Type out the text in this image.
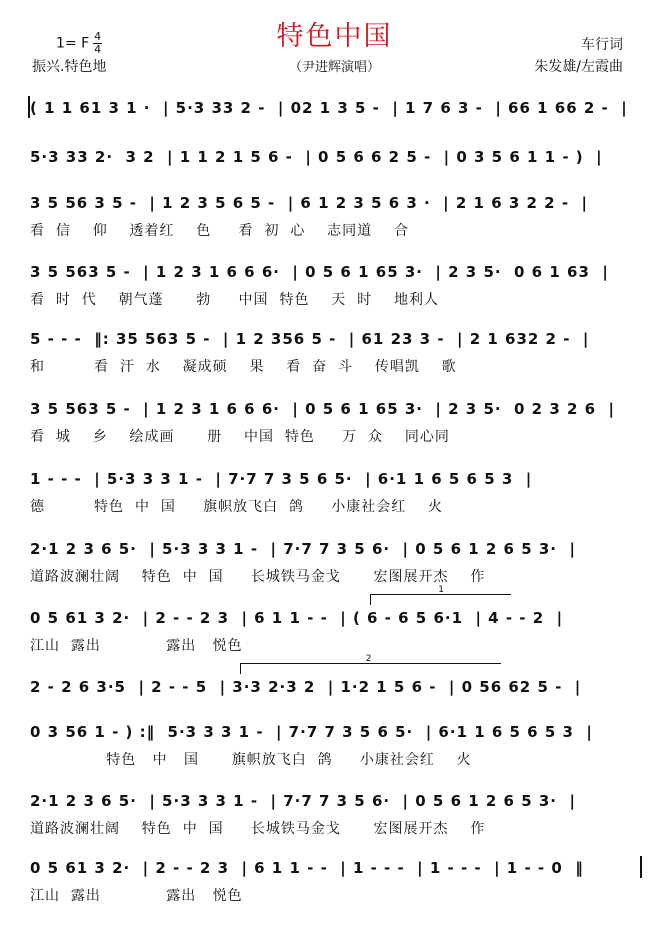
特色中国
1= F $\frac{4}{4}$
振兴.特色地	（尹进辉演唱）
车行词
朱发雄/左霞曲
( 1 1 61 3 1 ·  | 5·3 33 2 -  | 02 1 3 5 -  | 1 7 6 3 -  | 66 1 66 2 -  |
5·3 33 2·  3 2  | 1 1 2 1 5 6 -  | 0 5 6 6 2 5 -  | 0 3 5 6 1 1 - )  |
3 5 56 3 5 -  | 1 2 3 5 6 5 -  | 6 1 2 3 5 6 3 ·  | 2 1 6 3 2 2 -  |
看  信    仰    透着红    色     看  初  心    志同道    合
3 5 563 5 -  | 1 2 3 1 6 6 6·  | 0 5 6 1 65 3·  | 2 3 5·  0 6 1 63  |
看  时  代    朝气蓬      勃     中国  特色    天  时    地利人
5 - - -  ‖: 35 563 5 -  | 1 2 356 5 -  | 61 23 3 -  | 2 1 632 2 -  |
和         看  汗  水    凝成硕    果    看  奋  斗    传唱凯    歌
3 5 563 5 -  | 1 2 3 1 6 6 6·  | 0 5 6 1 65 3·  | 2 3 5·  0 2 3 2 6  |
看  城    乡    绘成画      册    中国  特色     万  众    同心同
1 - - -  | 5·3 3 3 1 -  | 7·7 7 3 5 6 5·  | 6·1 1 6 5 6 5 3  |
德         特色  中  国     旗帜放飞白  鸽     小康社会红    火
2·1 2 3 6 5·  | 5·3 3 3 1 -  | 7·7 7 3 5 6·  | 0 5 6 1 2 6 5 3·  |
道路波澜壮阔    特色  中  国     长城铁马金戈      宏图展开杰    作
1
0 5 61 3 2·  | 2 - - 2 3  | 6 1 1 - -  | ( 6 - 6 5 6·1  | 4 - - 2  |
江山  露出            露出   悦色
2
2 - 2 6 3·5  | 2 - - 5  | 3·3 2·3 2  | 1·2 1 5 6 -  | 0 56 62 5 -  |
0 3 56 1 - ) :‖  5·3 3 3 1 -  | 7·7 7 3 5 6 5·  | 6·1 1 6 5 6 5 3  |
特色   中   国      旗帜放飞白  鸽     小康社会红    火
2·1 2 3 6 5·  | 5·3 3 3 1 -  | 7·7 7 3 5 6·  | 0 5 6 1 2 6 5 3·  |
道路波澜壮阔    特色  中  国     长城铁马金戈      宏图展开杰    作
0 5 61 3 2·  | 2 - - 2 3  | 6 1 1 - -  | 1 - - -  | 1 - - -  | 1 - - 0  ‖
江山  露出            露出   悦色
